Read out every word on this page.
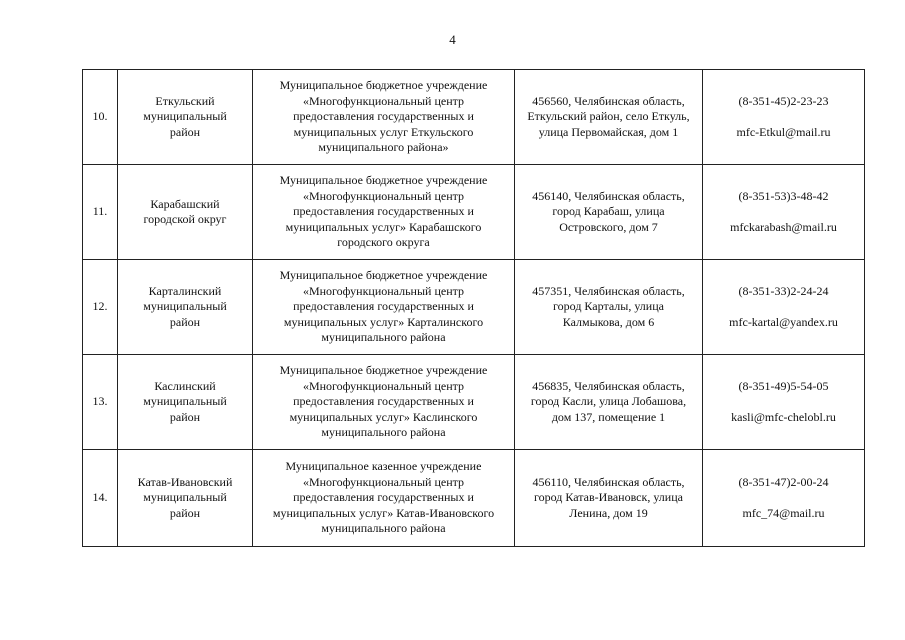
4
10.	Еткульский
муниципальный
район	Муниципальное бюджетное учреждение
«Многофункциональный центр
предоставления государственных и
муниципальных услуг Еткульского
муниципального района»	456560, Челябинская область,
Еткульский район, село Еткуль,
улица Первомайская, дом 1	(8-351-45)2-23-23
mfc-Etkul@mail.ru

11.	Карабашский
городской округ	Муниципальное бюджетное учреждение
«Многофункциональный центр
предоставления государственных и
муниципальных услуг» Карабашского
городского округа	456140, Челябинская область,
город Карабаш, улица
Островского, дом 7	(8-351-53)3-48-42
mfckarabash@mail.ru

12.	Карталинский
муниципальный
район	Муниципальное бюджетное учреждение
«Многофункциональный центр
предоставления государственных и
муниципальных услуг» Карталинского
муниципального района	457351, Челябинская область,
город Карталы, улица
Калмыкова, дом 6	(8-351-33)2-24-24
mfc-kartal@yandex.ru

13.	Каслинский
муниципальный
район	Муниципальное бюджетное учреждение
«Многофункциональный центр
предоставления государственных и
муниципальных услуг» Каслинского
муниципального района	456835, Челябинская область,
город Касли, улица Лобашова,
дом 137, помещение 1	(8-351-49)5-54-05
kasli@mfc-chelobl.ru

14.	Катав-Ивановский
муниципальный
район	Муниципальное казенное учреждение
«Многофункциональный центр
предоставления государственных и
муниципальных услуг» Катав-Ивановского
муниципального района	456110, Челябинская область,
город Катав-Ивановск, улица
Ленина, дом 19	(8-351-47)2-00-24
mfc_74@mail.ru
